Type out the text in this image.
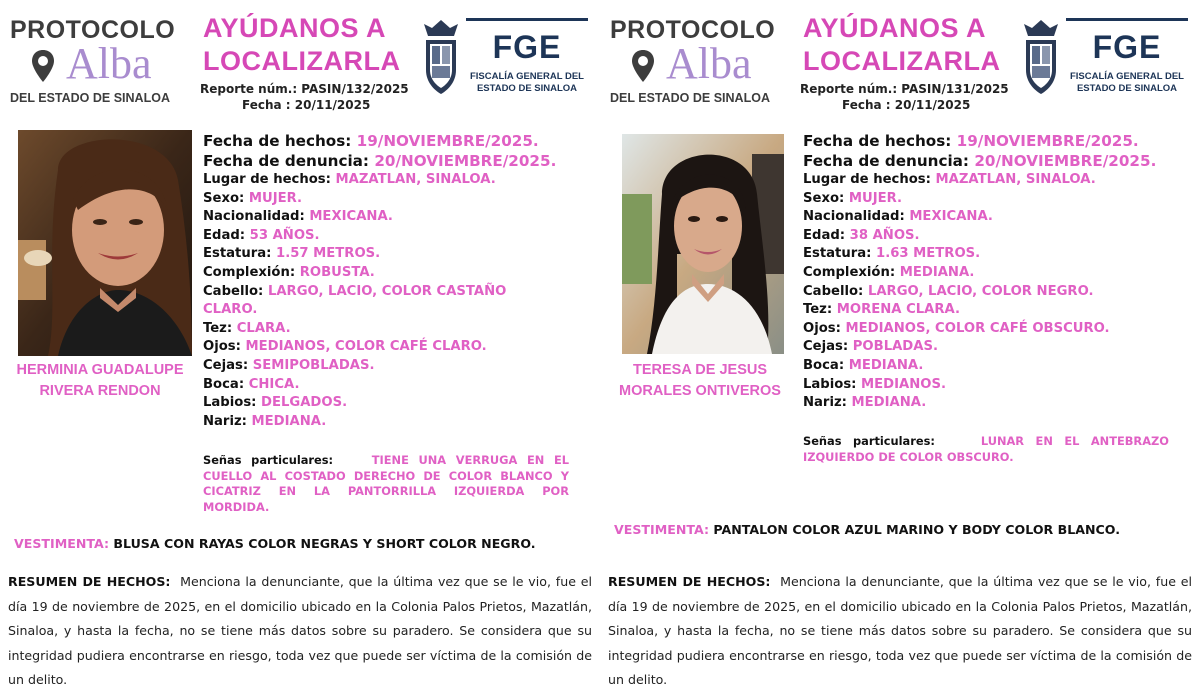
PROTOCOLO
Alba
DEL ESTADO DE SINALOA
AYÚDANOS A
LOCALIZARLA
Reporte núm.: PASIN/132/2025
Fecha : 20/11/2025
FGE
FISCALÍA GENERAL DEL
ESTADO DE SINALOA
HERMINIA GUADALUPE
RIVERA RENDON
Fecha de hechos: 19/NOVIEMBRE/2025.
Fecha de denuncia: 20/NOVIEMBRE/2025.
Lugar de hechos: MAZATLAN, SINALOA.
Sexo: MUJER.
Nacionalidad: MEXICANA.
Edad: 53 AÑOS.
Estatura: 1.57 METROS.
Complexión: ROBUSTA.
Cabello: LARGO, LACIO, COLOR CASTAÑO
CLARO.
Tez: CLARA.
Ojos: MEDIANOS, COLOR CAFÉ CLARO.
Cejas: SEMIPOBLADAS.
Boca: CHICA.
Labios: DELGADOS.
Nariz: MEDIANA.
Señas particulares:	TIENE UNA VERRUGA EN EL CUELLO AL COSTADO DERECHO DE COLOR BLANCO Y CICATRIZ EN LA PANTORRILLA IZQUIERDA POR MORDIDA.
VESTIMENTA: BLUSA CON RAYAS COLOR NEGRAS Y SHORT COLOR NEGRO.
RESUMEN DE HECHOS: Menciona la denunciante, que la última vez que se le vio, fue el día 19 de noviembre de 2025, en el domicilio ubicado en la Colonia Palos Prietos, Mazatlán, Sinaloa, y hasta la fecha, no se tiene más datos sobre su paradero. Se considera que su integridad pudiera encontrarse en riesgo, toda vez que puede ser víctima de la comisión de un delito.
PROTOCOLO
Alba
DEL ESTADO DE SINALOA
AYÚDANOS A
LOCALIZARLA
Reporte núm.: PASIN/131/2025
Fecha : 20/11/2025
FGE
FISCALÍA GENERAL DEL
ESTADO DE SINALOA
TERESA DE JESUS
MORALES ONTIVEROS
Fecha de hechos: 19/NOVIEMBRE/2025.
Fecha de denuncia: 20/NOVIEMBRE/2025.
Lugar de hechos: MAZATLAN, SINALOA.
Sexo: MUJER.
Nacionalidad: MEXICANA.
Edad: 38 AÑOS.
Estatura: 1.63 METROS.
Complexión: MEDIANA.
Cabello: LARGO, LACIO, COLOR NEGRO.
Tez: MORENA CLARA.
Ojos: MEDIANOS, COLOR CAFÉ OBSCURO.
Cejas: POBLADAS.
Boca: MEDIANA.
Labios: MEDIANOS.
Nariz: MEDIANA.
Señas particulares:	LUNAR EN EL ANTEBRAZO IZQUIERDO DE COLOR OBSCURO.
VESTIMENTA: PANTALON COLOR AZUL MARINO Y BODY COLOR BLANCO.
RESUMEN DE HECHOS: Menciona la denunciante, que la última vez que se le vio, fue el día 19 de noviembre de 2025, en el domicilio ubicado en la Colonia Palos Prietos, Mazatlán, Sinaloa, y hasta la fecha, no se tiene más datos sobre su paradero. Se considera que su integridad pudiera encontrarse en riesgo, toda vez que puede ser víctima de la comisión de un delito.
